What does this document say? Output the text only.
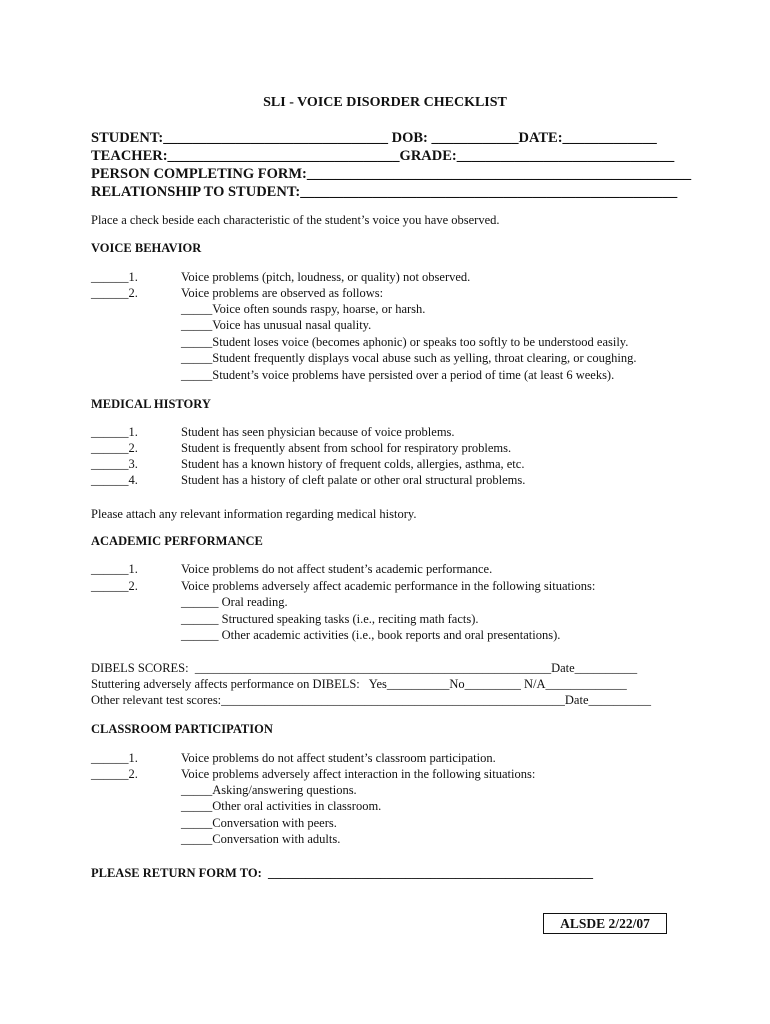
SLI - VOICE DISORDER CHECKLIST
STUDENT:_______________________________ DOB: ____________DATE:_____________
TEACHER:________________________________GRADE:______________________________
PERSON COMPLETING FORM:_____________________________________________________
RELATIONSHIP TO STUDENT:____________________________________________________
Place a check beside each characteristic of the student’s voice you have observed.
VOICE BEHAVIOR
______1.	Voice problems (pitch, loudness, or quality) not observed.
______2.	Voice problems are observed as follows:
_____Voice often sounds raspy, hoarse, or harsh.
_____Voice has unusual nasal quality.
_____Student loses voice (becomes aphonic) or speaks too softly to be understood easily.
_____Student frequently displays vocal abuse such as yelling, throat clearing, or coughing.
_____Student’s voice problems have persisted over a period of time (at least 6 weeks).
MEDICAL HISTORY
______1.	Student has seen physician because of voice problems.
______2.	Student is frequently absent from school for respiratory problems.
______3.	Student has a known history of frequent colds, allergies, asthma, etc.
______4.	Student has a history of cleft palate or other oral structural problems.
Please attach any relevant information regarding medical history.
ACADEMIC PERFORMANCE
______1.	Voice problems do not affect student’s academic performance.
______2.	Voice problems adversely affect academic performance in the following situations:
______ Oral reading.
______ Structured speaking tasks (i.e., reciting math facts).
______ Other academic activities (i.e., book reports and oral presentations).
DIBELS SCORES:  _________________________________________________________Date__________
Stuttering adversely affects performance on DIBELS:   Yes__________No_________ N/A_____________
Other relevant test scores:_______________________________________________________Date__________
CLASSROOM PARTICIPATION
______1.	Voice problems do not affect student’s classroom participation.
______2.	Voice problems adversely affect interaction in the following situations:
_____Asking/answering questions.
_____Other oral activities in classroom.
_____Conversation with peers.
_____Conversation with adults.
PLEASE RETURN FORM TO:  ____________________________________________________
ALSDE 2/22/07
